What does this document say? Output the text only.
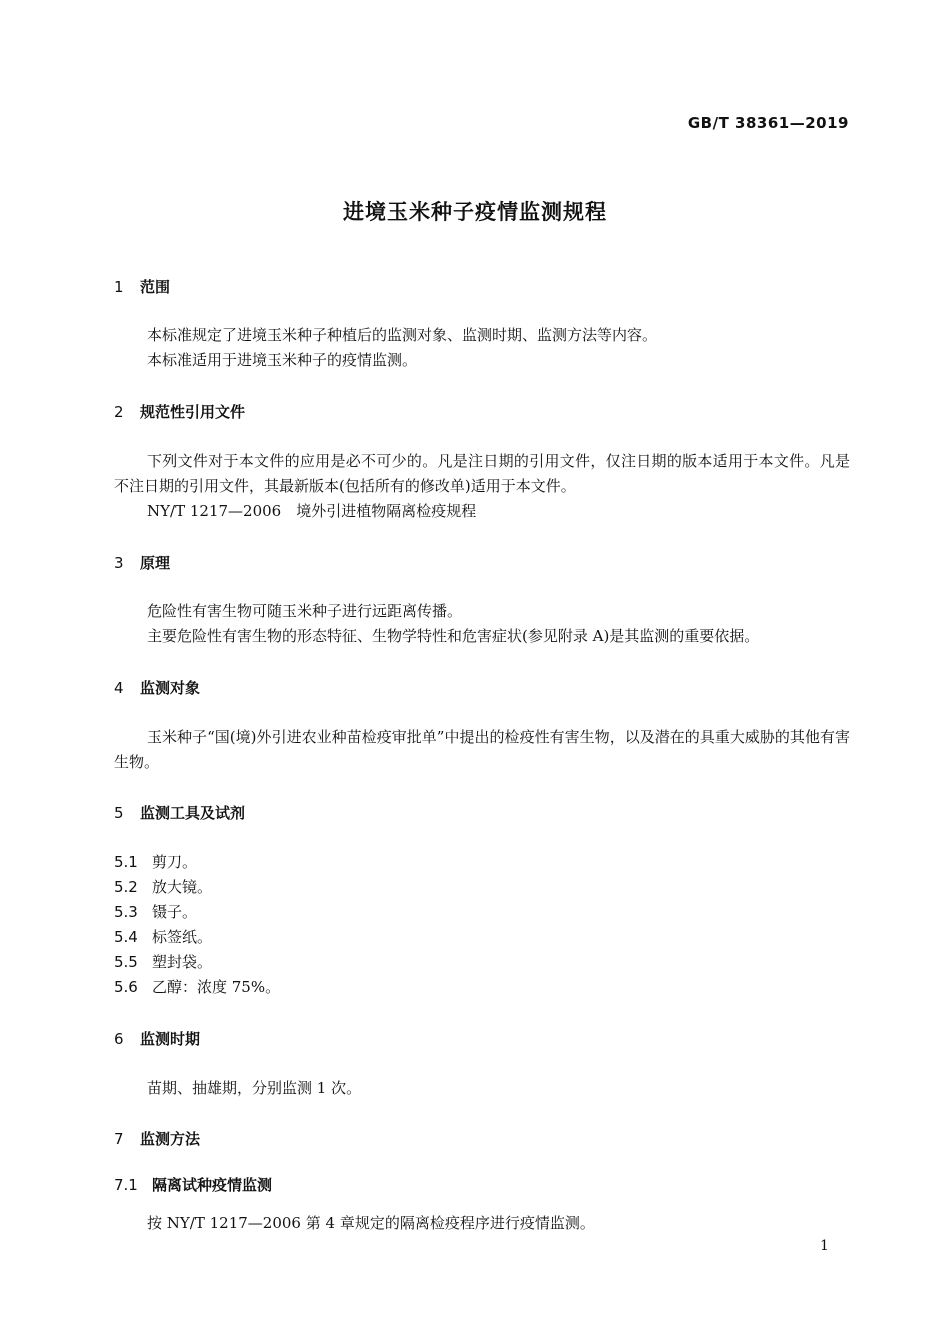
GB/T 38361—2019
进境玉米种子疫情监测规程
1 范围
本标准规定了进境玉米种子种植后的监测对象、监测时期、监测方法等内容。
本标准适用于进境玉米种子的疫情监测。
2 规范性引用文件
下列文件对于本文件的应用是必不可少的。凡是注日期的引用文件，仅注日期的版本适用于本文件。凡是不注日期的引用文件，其最新版本(包括所有的修改单)适用于本文件。
NY/T 1217—2006　境外引进植物隔离检疫规程
3 原理
危险性有害生物可随玉米种子进行远距离传播。
主要危险性有害生物的形态特征、生物学特性和危害症状(参见附录 A)是其监测的重要依据。
4 监测对象
玉米种子“国(境)外引进农业种苗检疫审批单”中提出的检疫性有害生物，以及潜在的具重大威胁的其他有害生物。
5 监测工具及试剂
5.1 剪刀。
5.2 放大镜。
5.3 镊子。
5.4 标签纸。
5.5 塑封袋。
5.6 乙醇：浓度 75%。
6 监测时期
苗期、抽雄期，分别监测 1 次。
7 监测方法
7.1 隔离试种疫情监测
按 NY/T 1217—2006 第 4 章规定的隔离检疫程序进行疫情监测。
1
